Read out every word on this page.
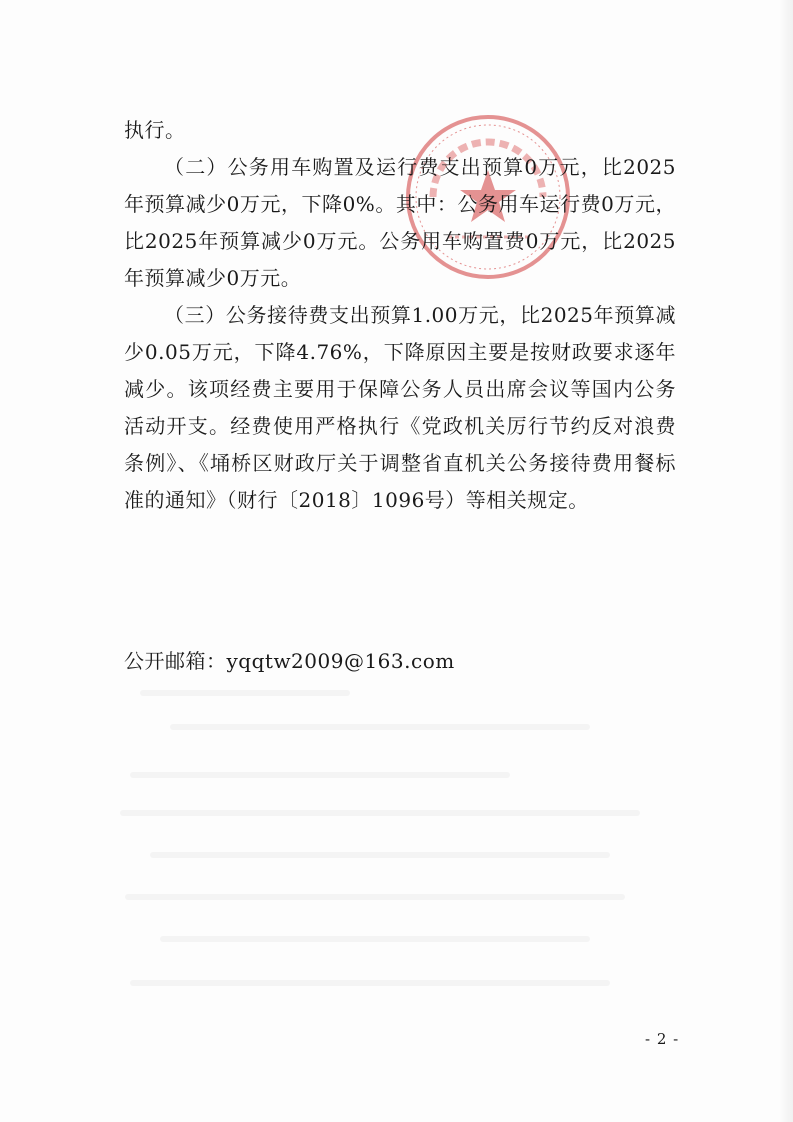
执行。

（二）公务用车购置及运行费支出预算0万元，比2025年预算减少0万元，下降0%。其中：公务用车运行费0万元，比2025年预算减少0万元。公务用车购置费0万元，比2025年预算减少0万元。

（三）公务接待费支出预算1.00万元，比2025年预算减少0.05万元，下降4.76%，下降原因主要是按财政要求逐年减少。该项经费主要用于保障公务人员出席会议等国内公务活动开支。经费使用严格执行《党政机关厉行节约反对浪费条例》、《埇桥区财政厅关于调整省直机关公务接待费用餐标准的通知》（财行〔2018〕1096号）等相关规定。

公开邮箱：yqqtw2009@163.com

- 2 -
